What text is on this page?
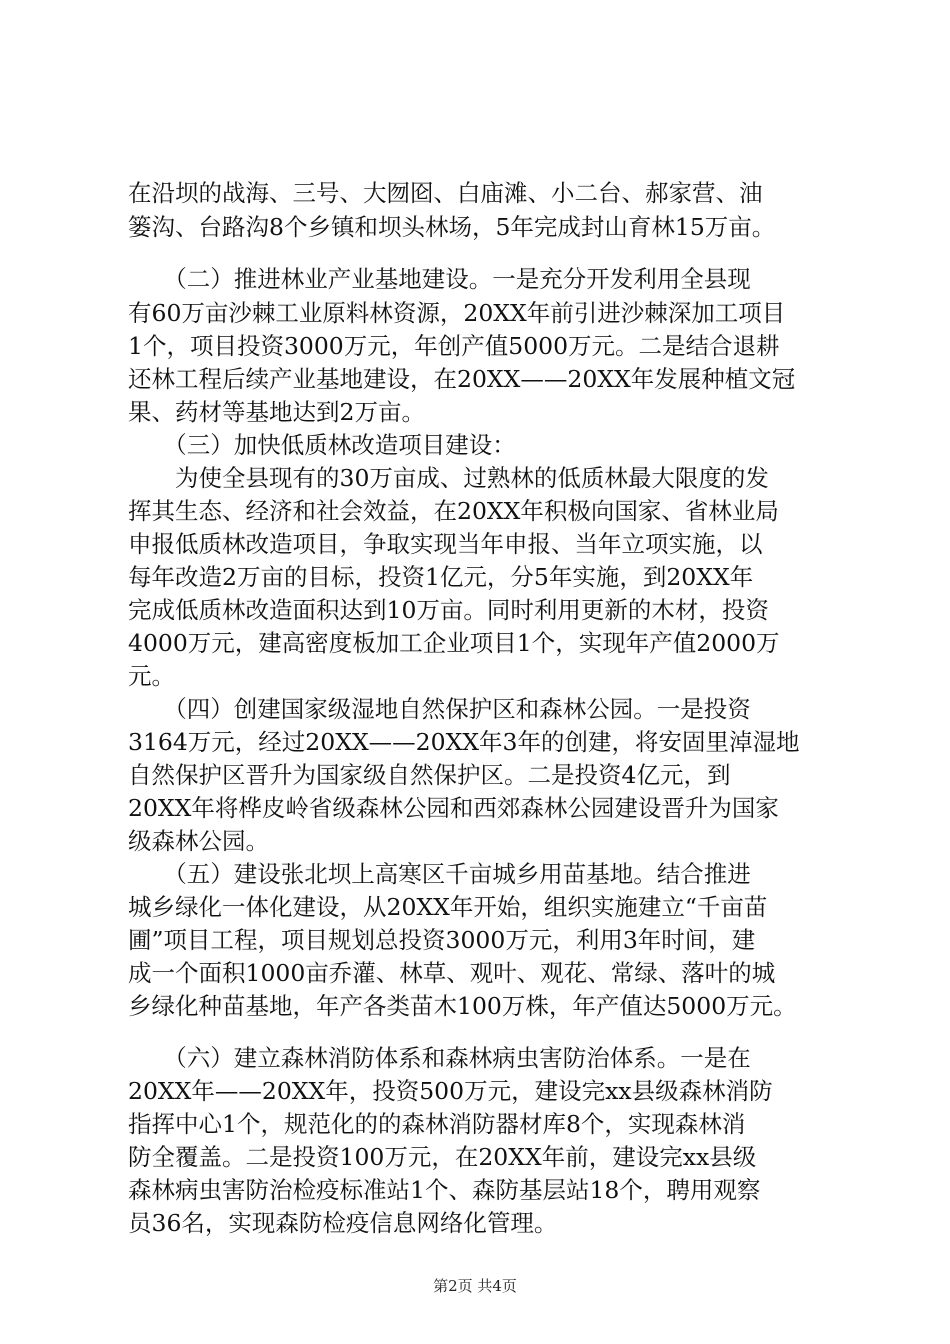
在沿坝的战海、三号、大囫囵、白庙滩、小二台、郝家营、油
篓沟、台路沟8个乡镇和坝头林场，5年完成封山育林15万亩。
　　（二）推进林业产业基地建设。一是充分开发利用全县现
有60万亩沙棘工业原料林资源，20XX年前引进沙棘深加工项目
1个，项目投资3000万元，年创产值5000万元。二是结合退耕
还林工程后续产业基地建设，在20XX——20XX年发展种植文冠
果、药材等基地达到2万亩。
　　（三）加快低质林改造项目建设：
　　为使全县现有的30万亩成、过熟林的低质林最大限度的发
挥其生态、经济和社会效益，在20XX年积极向国家、省林业局
申报低质林改造项目，争取实现当年申报、当年立项实施，以
每年改造2万亩的目标，投资1亿元，分5年实施，到20XX年
完成低质林改造面积达到10万亩。同时利用更新的木材，投资
4000万元，建高密度板加工企业项目1个，实现年产值2000万
元。
　　（四）创建国家级湿地自然保护区和森林公园。一是投资
3164万元，经过20XX——20XX年3年的创建，将安固里淖湿地
自然保护区晋升为国家级自然保护区。二是投资4亿元，到
20XX年将桦皮岭省级森林公园和西郊森林公园建设晋升为国家
级森林公园。
　　（五）建设张北坝上高寒区千亩城乡用苗基地。结合推进
城乡绿化一体化建设，从20XX年开始，组织实施建立“千亩苗
圃”项目工程，项目规划总投资3000万元，利用3年时间，建
成一个面积1000亩乔灌、林草、观叶、观花、常绿、落叶的城
乡绿化种苗基地，年产各类苗木100万株，年产值达5000万元。
　　（六）建立森林消防体系和森林病虫害防治体系。一是在
20XX年——20XX年，投资500万元，建设完xx县级森林消防
指挥中心1个，规范化的的森林消防器材库8个，实现森林消
防全覆盖。二是投资100万元，在20XX年前，建设完xx县级
森林病虫害防治检疫标准站1个、森防基层站18个，聘用观察
员36名，实现森防检疫信息网络化管理。
第2页 共4页
